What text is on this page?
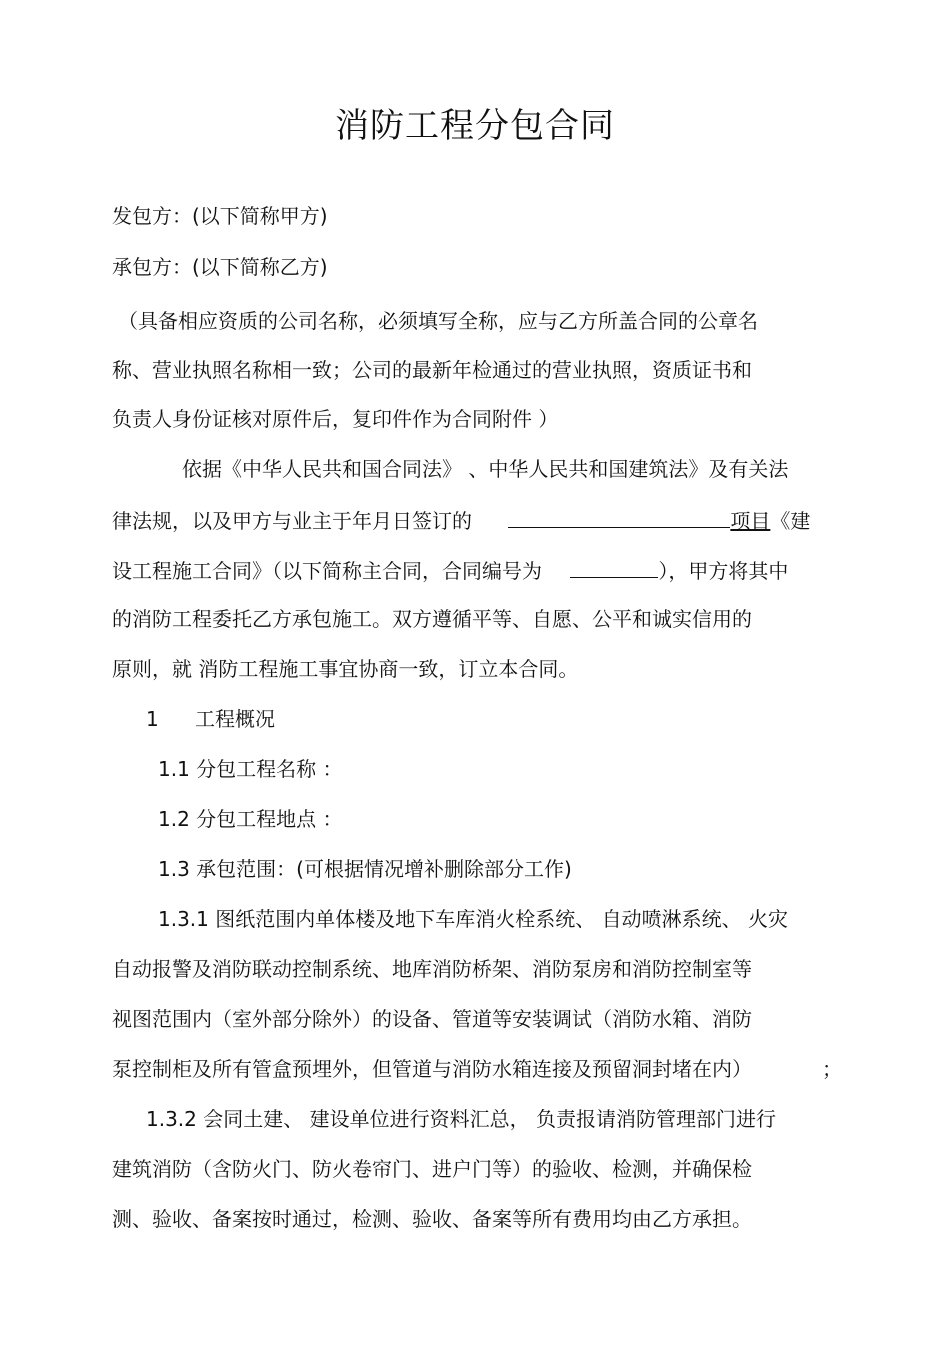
消防工程分包合同
发包方：(以下简称甲方)
承包方：(以下简称乙方)
（具备相应资质的公司名称，必须填写全称，应与乙方所盖合同的公章名
称、营业执照名称相一致；公司的最新年检通过的营业执照，资质证书和
负责人身份证核对原件后，复印件作为合同附件 ）
依据《中华人民共和国合同法》 、中华人民共和国建筑法》及有关法
律法规，以及甲方与业主于年月日签订的	项目《建
设工程施工合同》（以下简称主合同，合同编号为	），甲方将其中
的消防工程委托乙方承包施工。双方遵循平等、自愿、公平和诚实信用的
原则，就 消防工程施工事宜协商一致，订立本合同。
1 工程概况
1.1 分包工程名称 ：
1.2 分包工程地点 ：
1.3 承包范围：(可根据情况增补删除部分工作)
1.3.1 图纸范围内单体楼及地下车库消火栓系统、 自动喷淋系统、 火灾
自动报警及消防联动控制系统、地库消防桥架、消防泵房和消防控制室等
视图范围内（室外部分除外）的设备、管道等安装调试（消防水箱、消防
泵控制柜及所有管盒预埋外，但管道与消防水箱连接及预留洞封堵在内）	；
1.3.2 会同土建、 建设单位进行资料汇总， 负责报请消防管理部门进行
建筑消防（含防火门、防火卷帘门、进户门等）的验收、检测，并确保检
测、验收、备案按时通过，检测、验收、备案等所有费用均由乙方承担。
